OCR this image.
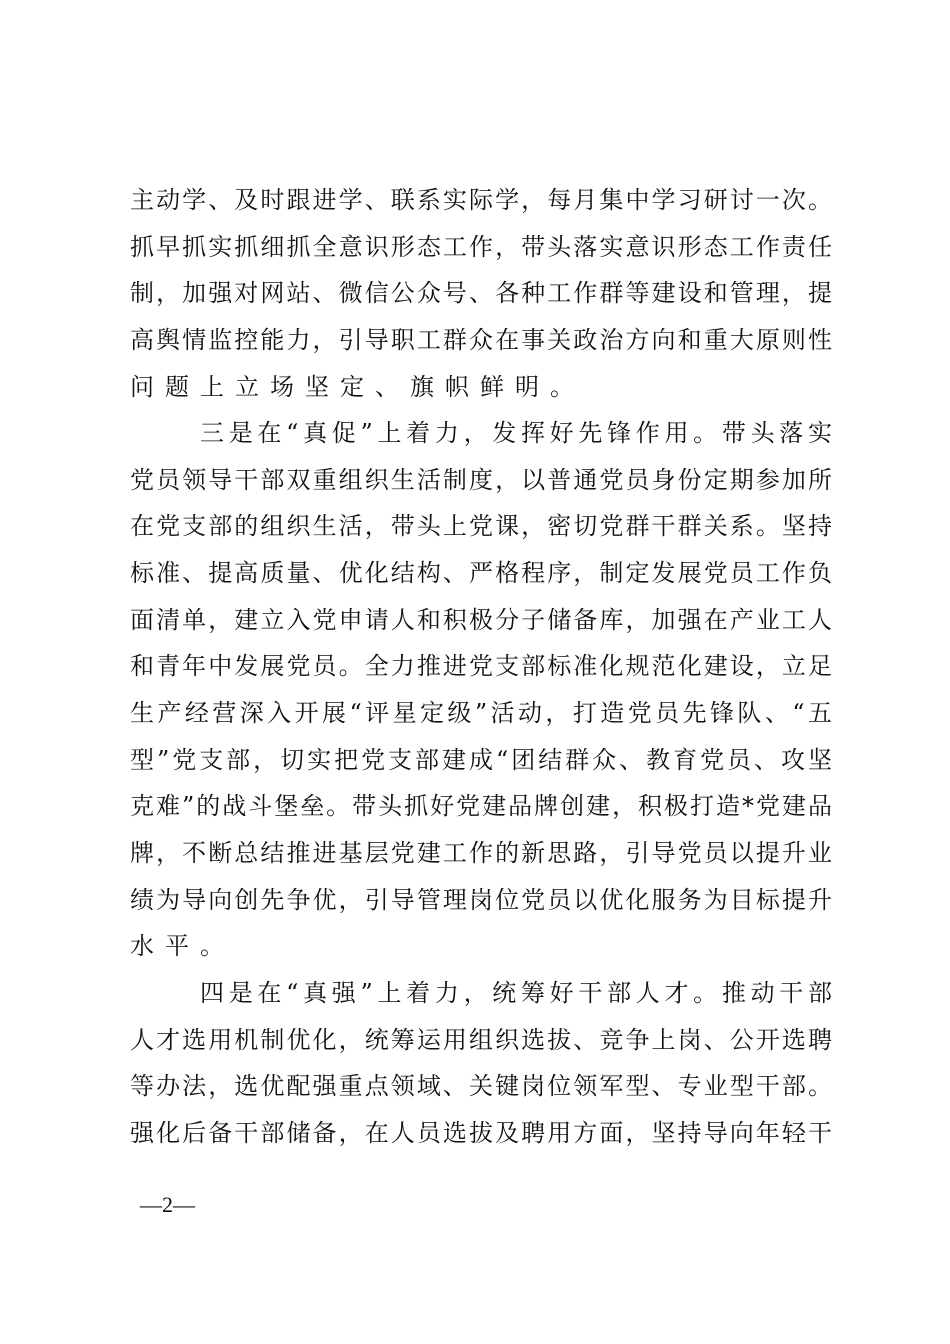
主动学、及时跟进学、联系实际学，每月集中学习研讨一次。
抓早抓实抓细抓全意识形态工作，带头落实意识形态工作责任
制，加强对网站、微信公众号、各种工作群等建设和管理，提
高舆情监控能力，引导职工群众在事关政治方向和重大原则性
问题上立场坚定、旗帜鲜明。
三是在“真促”上着力，发挥好先锋作用。带头落实
党员领导干部双重组织生活制度，以普通党员身份定期参加所
在党支部的组织生活，带头上党课，密切党群干群关系。坚持
标准、提高质量、优化结构、严格程序，制定发展党员工作负
面清单，建立入党申请人和积极分子储备库，加强在产业工人
和青年中发展党员。全力推进党支部标准化规范化建设，立足
生产经营深入开展“评星定级”活动，打造党员先锋队、“五
型”党支部，切实把党支部建成“团结群众、教育党员、攻坚
克难”的战斗堡垒。带头抓好党建品牌创建，积极打造*党建品
牌，不断总结推进基层党建工作的新思路，引导党员以提升业
绩为导向创先争优，引导管理岗位党员以优化服务为目标提升
水平。
四是在“真强”上着力，统筹好干部人才。推动干部
人才选用机制优化，统筹运用组织选拔、竞争上岗、公开选聘
等办法，选优配强重点领域、关键岗位领军型、专业型干部。
强化后备干部储备，在人员选拔及聘用方面，坚持导向年轻干
—2—
